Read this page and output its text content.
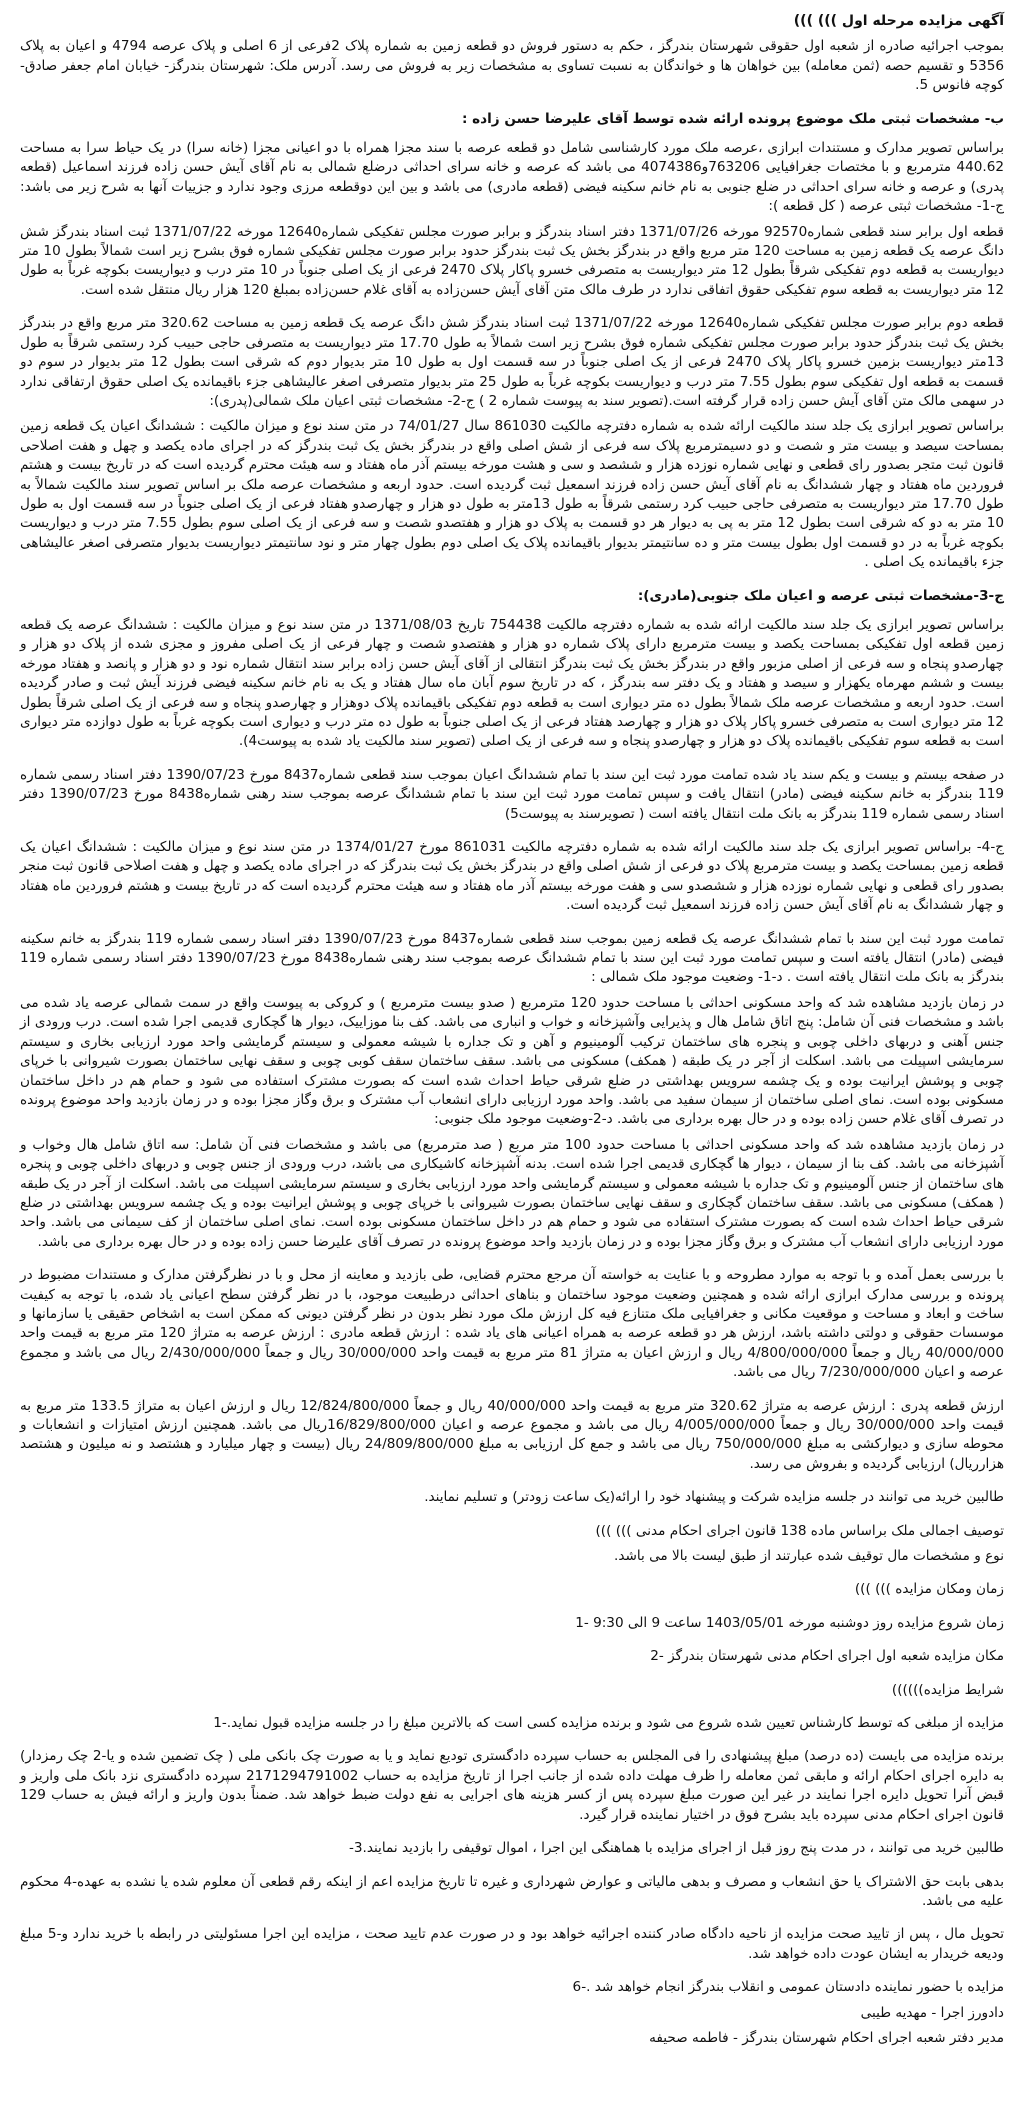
آگهی مزایده مرحله اول ))) )))
بموجب اجرائیه صادره از شعبه اول حقوقی شهرستان بندرگز ، حکم به دستور فروش دو قطعه زمین به شماره پلاک 2فرعی از 6 اصلی و پلاک عرصه 4794 و اعیان به پلاک 5356 و تقسیم حصه (ثمن معامله) بین خواهان ها و خواندگان به نسبت تساوی به مشخصات زیر به فروش می رسد. آدرس ملک: شهرستان بندرگز- خیابان امام جعفر صادق-کوچه فانوس 5.
ب- مشخصات ثبتی ملک موضوع پرونده ارائه شده توسط آقای علیرضا حسن زاده :
براساس تصویر مدارک و مستندات ابرازی ،عرصه ملک مورد کارشناسی شامل دو قطعه عرصه با سند مجزا همراه با دو اعیانی مجزا (خانه سرا) در یک حیاط سرا به مساحت 440.62 مترمربع و با مختصات جغرافیایی 763206و4074386 می باشد که عرصه و خانه سرای احداثی درضلع شمالی به نام آقای آیش حسن زاده فرزند اسماعیل (قطعه پدری) و عرصه و خانه سرای احداثی در ضلع جنوبی به نام خانم سکینه فیضی (قطعه مادری) می باشد و بین این دوقطعه مرزی وجود ندارد و جزییات آنها به شرح زیر می باشد: ج-1- مشخصات ثبتی عرصه ( کل قطعه ):
قطعه اول برابر سند قطعی شماره92570 مورخه 1371/07/26 دفتر اسناد بندرگز و برابر صورت مجلس تفکیکی شماره12640 مورخه 1371/07/22 ثبت اسناد بندرگز شش دانگ عرصه یک قطعه زمین به مساحت 120 متر مربع واقع در بندرگز بخش یک ثبت بندرگز حدود برابر صورت مجلس تفکیکی شماره فوق بشرح زیر است شمالاً بطول 10 متر دیواریست به قطعه دوم تفکیکی شرقاً بطول 12 متر دیواریست به متصرفی خسرو پاکار پلاک 2470 فرعی از یک اصلی جنوباً در 10 متر درب و دیواریست بکوچه غرباً به طول 12 متر دیواریست به قطعه سوم تفکیکی حقوق اتفاقی ندارد در طرف مالک متن آقای آیش حسن‌زاده به آقای غلام حسن‌زاده بمبلغ 120 هزار ریال منتقل شده است.
قطعه دوم برابر صورت مجلس تفکیکی شماره12640 مورخه 1371/07/22 ثبت اسناد بندرگز شش دانگ عرصه یک قطعه زمین به مساحت 320.62 متر مربع واقع در بندرگز بخش یک ثبت بندرگز حدود برابر صورت مجلس تفکیکی شماره فوق بشرح زیر است شمالاً به طول 17.70 متر دیواریست به متصرفی حاجی حبیب کرد رستمی شرقاً به طول 13متر دیواریست بزمین خسرو پاکار پلاک 2470 فرعی از یک اصلی جنوباً در سه قسمت اول به طول 10 متر بدیوار دوم که شرقی است بطول 12 متر بدیوار در سوم دو قسمت به قطعه اول تفکیکی سوم بطول 7.55 متر درب و دیواریست بکوچه غرباً به طول 25 متر بدیوار متصرفی اصغر عالیشاهی جزء باقیمانده یک اصلی حقوق ارتفاقی ندارد در سهمی مالک متن آقای آیش حسن زاده قرار گرفته است.(تصویر سند به پیوست شماره 2 ) ج-2- مشخصات ثبتی اعیان ملک شمالی(پدری):
براساس تصویر ابرازی یک جلد سند مالکیت ارائه شده به شماره دفترچه مالکیت 861030 سال 74/01/27 در متن سند نوع و میزان مالکیت : ششدانگ اعیان یک قطعه زمین بمساحت سیصد و بیست متر و شصت و دو دسیمترمربع پلاک سه فرعی از شش اصلی واقع در بندرگز بخش یک ثبت بندرگز که در اجرای ماده یکصد و چهل و هفت اصلاحی قانون ثبت متجر بصدور رای قطعی و نهایی شماره نوزده هزار و ششصد و سی و هشت مورخه بیستم آذر ماه هفتاد و سه هیئت محترم گردیده است که در تاریخ بیست و هشتم فروردین ماه هفتاد و چهار ششدانگ به نام آقای آیش حسن زاده فرزند اسمعیل ثبت گردیده است. حدود اربعه و مشخصات عرصه ملک بر اساس تصویر سند مالکیت شمالاً به طول 17.70 متر دیواریست به متصرفی حاجی حبیب کرد رستمی شرقاً به طول 13متر به طول دو هزار و چهارصدو هفتاد فرعی از یک اصلی جنوباً در سه قسمت اول به طول 10 متر به دو که شرقی است بطول 12 متر به پی به دیوار هر دو قسمت به پلاک دو هزار و هفتصدو شصت و سه فرعی از یک اصلی سوم بطول 7.55 متر درب و دیواریست بکوچه غرباً به در دو قسمت اول بطول بیست متر و ده سانتیمتر بدیوار باقیمانده پلاک یک اصلی دوم بطول چهار متر و نود سانتیمتر دیواریست بدیوار متصرفی اصغر عالیشاهی جزء باقیمانده یک اصلی .
ج-3-مشخصات ثبتی عرصه و اعیان ملک جنوبی(مادری):
براساس تصویر ابرازی یک جلد سند مالکیت ارائه شده به شماره دفترچه مالکیت 754438 تاریخ 1371/08/03 در متن سند نوع و میزان مالکیت : ششدانگ عرصه یک قطعه زمین قطعه اول تفکیکی بمساحت یکصد و بیست مترمربع دارای پلاک شماره دو هزار و هفتصدو شصت و چهار فرعی از یک اصلی مفروز و مجزی شده از پلاک دو هزار و چهارصدو پنجاه و سه فرعی از اصلی مزبور واقع در بندرگز بخش یک ثبت بندرگز انتقالی از آقای آیش حسن زاده برابر سند انتقال شماره نود و دو هزار و پانصد و هفتاد مورخه بیست و ششم مهرماه یکهزار و سیصد و هفتاد و یک دفتر سه بندرگز ، که در تاریخ سوم آبان ماه سال هفتاد و یک به نام خانم سکینه فیضی فرزند آیش ثبت و صادر گردیده است. حدود اربعه و مشخصات عرصه ملک شمالاً بطول ده متر دیواری است به قطعه دوم تفکیکی باقیمانده پلاک دوهزار و چهارصدو پنجاه و سه فرعی از یک اصلی شرقاً بطول 12 متر دیواری است به متصرفی خسرو پاکار پلاک دو هزار و چهارصد هفتاد فرعی از یک اصلی جنوباً به طول ده متر درب و دیواری است بکوچه غرباً به طول دوازده متر دیواری است به قطعه سوم تفکیکی باقیمانده پلاک دو هزار و چهارصدو پنجاه و سه فرعی از یک اصلی (تصویر سند مالکیت یاد شده به پیوست4).
در صفحه بیستم و بیست و یکم سند یاد شده تمامت مورد ثبت این سند با تمام ششدانگ اعیان بموجب سند قطعی شماره8437 مورخ 1390/07/23 دفتر اسناد رسمی شماره 119 بندرگز به خانم سکینه فیضی (مادر) انتقال یافت و سپس تمامت مورد ثبت این سند با تمام ششدانگ عرصه بموجب سند رهنی شماره8438 مورخ 1390/07/23 دفتر اسناد رسمی شماره 119 بندرگز به بانک ملت انتقال یافته است ( تصویرسند به پیوست5)
ج-4- براساس تصویر ابرازی یک جلد سند مالکیت ارائه شده به شماره دفترچه مالکیت 861031 مورخ 1374/01/27 در متن سند نوع و میزان مالکیت : ششدانگ اعیان یک قطعه زمین بمساحت یکصد و بیست مترمربع پلاک دو فرعی از شش اصلی واقع در بندرگز بخش یک ثبت بندرگز که در اجرای ماده یکصد و چهل و هفت اصلاحی قانون ثبت منجر بصدور رای قطعی و نهایی شماره نوزده هزار و ششصدو سی و هفت مورخه بیستم آذر ماه هفتاد و سه هیئت محترم گردیده است که در تاریخ بیست و هشتم فروردین ماه هفتاد و چهار ششدانگ به نام آقای آیش حسن زاده فرزند اسمعیل ثبت گردیده است.
تمامت مورد ثبت این سند با تمام ششدانگ عرصه یک قطعه زمین بموجب سند قطعی شماره8437 مورخ 1390/07/23 دفتر اسناد رسمی شماره 119 بندرگز به خانم سکینه فیضی (مادر) انتقال یافته است و سپس تمامت مورد ثبت این سند با تمام ششدانگ عرصه بموجب سند رهنی شماره8438 مورخ 1390/07/23 دفتر اسناد رسمی شماره 119 بندرگز به بانک ملت انتقال یافته است . د-1- وضعیت موجود ملک شمالی :
در زمان بازدید مشاهده شد که واحد مسکونی احداثی با مساحت حدود 120 مترمربع ( صدو بیست مترمربع ) و کروکی به پیوست واقع در سمت شمالی عرصه یاد شده می باشد و مشخصات فنی آن شامل: پنج اتاق شامل هال و پذیرایی وآشپزخانه و خواب و انباری می باشد. کف بنا موزاییک، دیوار ها گچکاری قدیمی اجرا شده است. درب ورودی از جنس آهنی و دربهای داخلی چوبی و پنجره های ساختمان ترکیب آلومینیوم و آهن و تک جداره با شیشه معمولی و سیستم گرمایشی واحد مورد ارزیابی بخاری و سیستم سرمایشی اسپیلت می باشد. اسکلت از آجر در یک طبقه ( همکف) مسکونی می باشد. سقف ساختمان سقف کوبی چوبی و سقف نهایی ساختمان بصورت شیروانی با خرپای چوبی و پوشش ایرانیت بوده و یک چشمه سرویس بهداشتی در ضلع شرقی حیاط احداث شده است که بصورت مشترک استفاده می شود و حمام هم در داخل ساختمان مسکونی بوده است. نمای اصلی ساختمان از سیمان سفید می باشد. واحد مورد ارزیابی دارای انشعاب آب مشترک و برق وگاز مجزا بوده و در زمان بازدید واحد موضوع پرونده در تصرف آقای غلام حسن زاده بوده و در حال بهره برداری می باشد. د-2-وضعیت موجود ملک جنوبی:
در زمان بازدید مشاهده شد که واحد مسکونی احداثی با مساحت حدود 100 متر مربع ( صد مترمربع) می باشد و مشخصات فنی آن شامل: سه اتاق شامل هال وخواب و آشپزخانه می باشد. کف بنا از سیمان ، دیوار ها گچکاری قدیمی اجرا شده است. بدنه آشپزخانه کاشیکاری می باشد، درب ورودی از جنس چوبی و دربهای داخلی چوبی و پنجره های ساختمان از جنس آلومینیوم و تک جداره با شیشه معمولی و سیستم گرمایشی واحد مورد ارزیابی بخاری و سیستم سرمایشی اسپیلت می باشد. اسکلت از آجر در یک طبقه ( همکف) مسکونی می باشد. سقف ساختمان گچکاری و سقف نهایی ساختمان بصورت شیروانی با خرپای چوبی و پوشش ایرانیت بوده و یک چشمه سرویس بهداشتی در ضلع شرقی حیاط احداث شده است که بصورت مشترک استفاده می شود و حمام هم در داخل ساختمان مسکونی بوده است. نمای اصلی ساختمان از کف سیمانی می باشد. واحد مورد ارزیابی دارای انشعاب آب مشترک و برق وگاز مجزا بوده و در زمان بازدید واحد موضوع پرونده در تصرف آقای علیرضا حسن زاده بوده و در حال بهره برداری می باشد.
با بررسی بعمل آمده و با توجه به موارد مطروحه و با عنایت به خواسته آن مرجع محترم قضایی، طی بازدید و معاینه از محل و با در نظرگرفتن مدارک و مستندات مضبوط در پرونده و بررسی مدارک ابرازی ارائه شده و همچنین وضعیت موجود ساختمان و بناهای احداثی درطبیعت موجود، با در نظر گرفتن سطح اعیانی یاد شده، با توجه به کیفیت ساخت و ابعاد و مساحت و موقعیت مکانی و جغرافیایی ملک متنازع فیه کل ارزش ملک مورد نظر بدون در نظر گرفتن دیونی که ممکن است به اشخاص حقیقی یا سازمانها و موسسات حقوقی و دولتی داشته باشد، ارزش هر دو قطعه عرصه به همراه اعیانی های یاد شده : ارزش قطعه مادری : ارزش عرصه به متراژ 120 متر مربع به قیمت واحد 40/000/000 ریال و جمعاً 4/800/000/000 ریال و ارزش اعیان به متراژ 81 متر مربع به قیمت واحد 30/000/000 ریال و جمعاً 2/430/000/000 ریال می باشد و مجموع عرصه و اعیان 7/230/000/000 ریال می باشد.
ارزش قطعه پدری : ارزش عرصه به متراژ 320.62 متر مربع به قیمت واحد 40/000/000 ریال و جمعاً 12/824/800/000 ریال و ارزش اعیان به متراژ 133.5 متر مربع به قیمت واحد 30/000/000 ریال و جمعاً 4/005/000/000 ریال می باشد و مجموع عرصه و اعیان 16/829/800/000ریال می باشد. همچنین ارزش امتیازات و انشعابات و محوطه سازی و دیوارکشی به مبلغ 750/000/000 ریال می باشد و جمع کل ارزیابی به مبلغ 24/809/800/000 ریال (بیست و چهار میلیارد و هشتصد و نه میلیون و هشتصد هزارریال) ارزیابی گردیده و بفروش می رسد.
طالبین خرید می توانند در جلسه مزایده شرکت و پیشنهاد خود را ارائه(یک ساعت زودتر) و تسلیم نمایند.
توصیف اجمالی ملک براساس ماده 138 قانون اجرای احکام مدنی ))) )))
نوع و مشخصات مال توقیف شده عبارتند از طبق لیست بالا می باشد.
زمان ومکان مزایده ))) )))
زمان شروع مزایده روز دوشنبه مورخه 1403/05/01 ساعت 9 الی 9:30 -1
مکان مزایده شعبه اول اجرای احکام مدنی شهرستان بندرگز -2
شرایط مزایده))))))
مزایده از مبلغی که توسط کارشناس تعیین شده شروع می شود و برنده مزایده کسی است که بالاترین مبلغ را در جلسه مزایده قبول نماید.-1
برنده مزایده می بایست (ده درصد) مبلغ پیشنهادی را فی المجلس به حساب سپرده دادگستری تودیع نماید و یا به صورت چک بانکی ملی ( چک تضمین شده و یا-2 چک رمزدار) به دایره اجرای احکام ارائه و مابقی ثمن معامله را ظرف مهلت داده شده از جانب اجرا از تاریخ مزایده به حساب 2171294791002 سپرده دادگستری نزد بانک ملی واریز و قبض آنرا تحویل دایره اجرا نمایند در غیر این صورت مبلغ سپرده پس از کسر هزینه های اجرایی به نفع دولت ضبط خواهد شد. ضمناً بدون واریز و ارائه فیش به حساب 129 قانون اجرای احکام مدنی سپرده باید بشرح فوق در اختیار نماینده قرار گیرد.
طالبین خرید می توانند ، در مدت پنج روز قبل از اجرای مزایده با هماهنگی این اجرا ، اموال توقیفی را بازدید نمایند.3-
بدهی بابت حق الاشتراک یا حق انشعاب و مصرف و بدهی مالیاتی و عوارض شهرداری و غیره تا تاریخ مزایده اعم از اینکه رقم قطعی آن معلوم شده یا نشده به عهده-4 محکوم علیه می باشد.
تحویل مال ، پس از تایید صحت مزایده از ناحیه دادگاه صادر کننده اجرائیه خواهد بود و در صورت عدم تایید صحت ، مزایده این اجرا مسئولیتی در رابطه با خرید ندارد و-5 مبلغ ودیعه خریدار به ایشان عودت داده خواهد شد.
مزایده با حضور نماینده دادستان عمومی و انقلاب بندرگز انجام خواهد شد .-6
دادورز اجرا - مهدیه طیبی
مدیر دفتر شعبه اجرای احکام شهرستان بندرگز - فاطمه صحیفه
